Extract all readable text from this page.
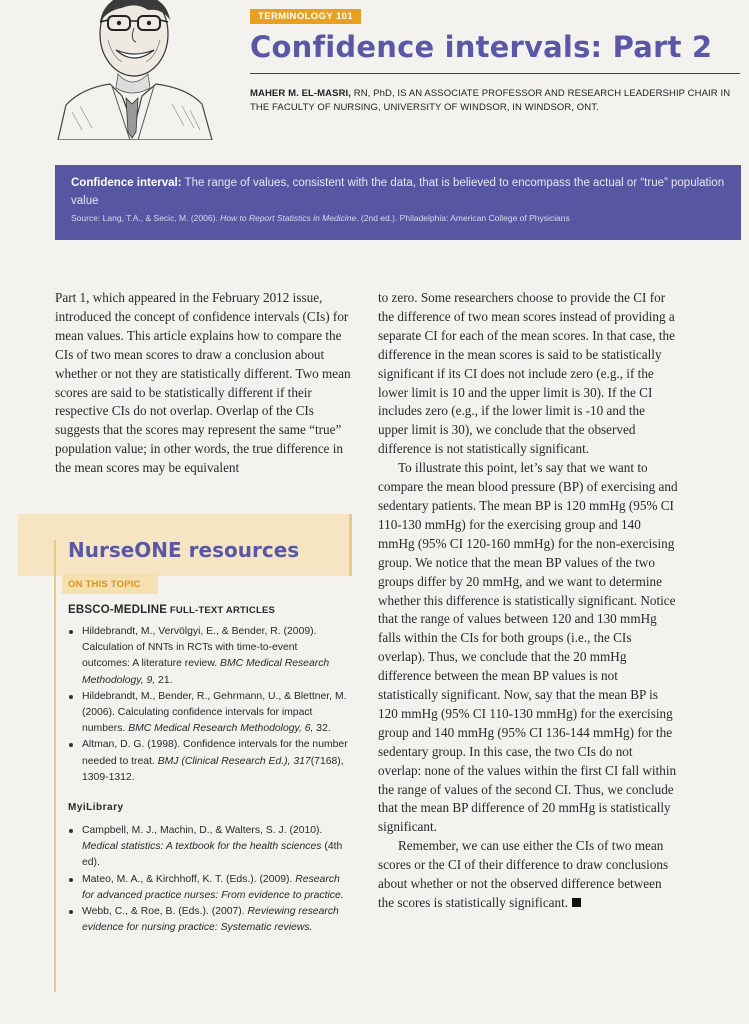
TERMINOLOGY 101
Confidence intervals: Part 2
MAHER M. EL-MASRI, RN, PhD, IS AN ASSOCIATE PROFESSOR AND RESEARCH LEADERSHIP CHAIR IN THE FACULTY OF NURSING, UNIVERSITY OF WINDSOR, IN WINDSOR, ONT.
Confidence interval: The range of values, consistent with the data, that is believed to encompass the actual or “true” population value
Source: Lang, T.A., & Secic, M. (2006). How to Report Statistics in Medicine. (2nd ed.). Philadelphia: American College of Physicians

Part 1, which appeared in the February 2012 issue, introduced the concept of confidence intervals (CIs) for mean values. This article explains how to compare the CIs of two mean scores to draw a conclusion about whether or not they are statistically different. Two mean scores are said to be statistically different if their respective CIs do not overlap. Overlap of the CIs suggests that the scores may represent the same “true” population value; in other words, the true difference in the mean scores may be equivalent

to zero. Some researchers choose to provide the CI for the difference of two mean scores instead of providing a separate CI for each of the mean scores. In that case, the difference in the mean scores is said to be statistically significant if its CI does not include zero (e.g., if the lower limit is 10 and the upper limit is 30). If the CI includes zero (e.g., if the lower limit is -10 and the upper limit is 30), we conclude that the observed difference is not statistically significant.

To illustrate this point, let’s say that we want to compare the mean blood pressure (BP) of exercising and sedentary patients. The mean BP is 120 mmHg (95% CI 110-130 mmHg) for the exercising group and 140 mmHg (95% CI 120-160 mmHg) for the non-exercising group. We notice that the mean BP values of the two groups differ by 20 mmHg, and we want to determine whether this difference is statistically significant. Notice that the range of values between 120 and 130 mmHg falls within the CIs for both groups (i.e., the CIs overlap). Thus, we conclude that the 20 mmHg difference between the mean BP values is not statistically significant. Now, say that the mean BP is 120 mmHg (95% CI 110-130 mmHg) for the exercising group and 140 mmHg (95% CI 136-144 mmHg) for the sedentary group. In this case, the two CIs do not overlap: none of the values within the first CI fall within the range of values of the second CI. Thus, we conclude that the mean BP difference of 20 mmHg is statistically significant.

Remember, we can use either the CIs of two mean scores or the CI of their difference to draw conclusions about whether or not the observed difference between the scores is statistically significant.

NurseONE resources
ON THIS TOPIC
EBSCO-MEDLINE FULL-TEXT ARTICLES
Hildebrandt, M., Vervölgyi, E., & Bender, R. (2009). Calculation of NNTs in RCTs with time-to-event outcomes: A literature review. BMC Medical Research Methodology, 9, 21.
Hildebrandt, M., Bender, R., Gehrmann, U., & Blettner, M. (2006). Calculating confidence intervals for impact numbers. BMC Medical Research Methodology, 6, 32.
Altman, D. G. (1998). Confidence intervals for the number needed to treat. BMJ (Clinical Research Ed.), 317(7168), 1309-1312.
MyiLibrary
Campbell, M. J., Machin, D., & Walters, S. J. (2010). Medical statistics: A textbook for the health sciences (4th ed).
Mateo, M. A., & Kirchhoff, K. T. (Eds.). (2009). Research for advanced practice nurses: From evidence to practice.
Webb, C., & Roe, B. (Eds.). (2007). Reviewing research evidence for nursing practice: Systematic reviews.
